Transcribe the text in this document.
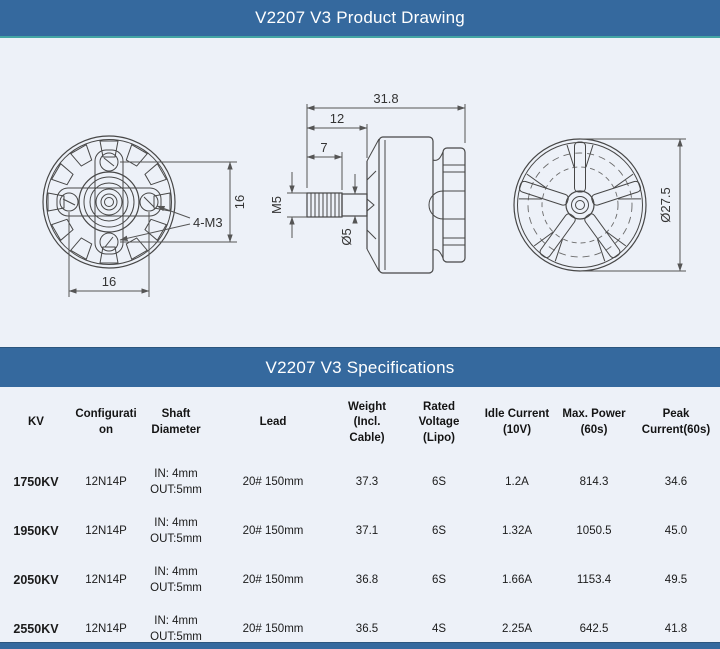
V2207 V3 Product Drawing
16
16
4-M3
31.8
12
7
M5
Ø5
Ø27.5
V2207 V3 Specifications
KV	Configuration	Shaft Diameter	Lead	Weight (Incl. Cable)	Rated Voltage (Lipo)	Idle Current (10V)	Max. Power (60s)	Peak Current(60s)
1750KV	12N14P	IN: 4mm OUT:5mm	20# 150mm	37.3	6S	1.2A	814.3	34.6
1950KV	12N14P	IN: 4mm OUT:5mm	20# 150mm	37.1	6S	1.32A	1050.5	45.0
2050KV	12N14P	IN: 4mm OUT:5mm	20# 150mm	36.8	6S	1.66A	1153.4	49.5
2550KV	12N14P	IN: 4mm OUT:5mm	20# 150mm	36.5	4S	2.25A	642.5	41.8
